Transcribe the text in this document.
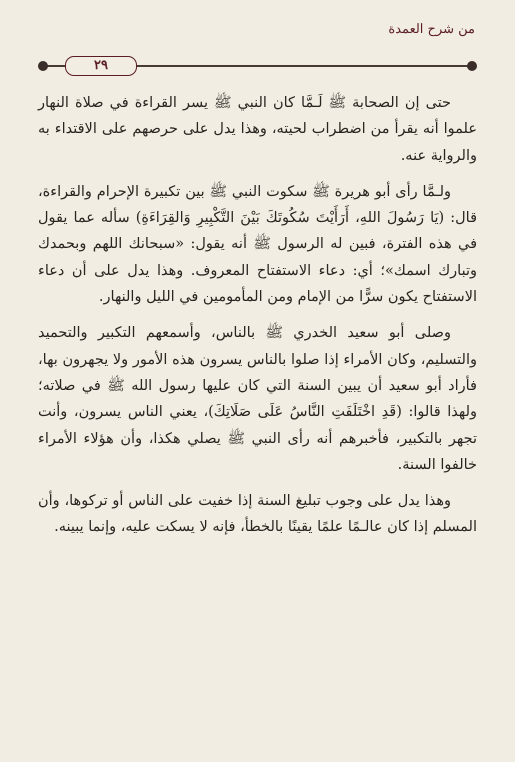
من شرح العمدة
٢٩

حتى إن الصحابة ﷺ لَـمَّا كان النبي ﷺ يسر القراءة في صلاة النهار علموا أنه يقرأ من اضطراب لحيته، وهذا يدل على حرصهم على الاقتداء به والرواية عنه.

ولـمَّا رأى أبو هريرة ﷺ سكوت النبي ﷺ بين تكبيرة الإحرام والقراءة، قال: (يَا رَسُولَ اللهِ، أَرَأَيْتَ سُكُوتَكَ بَيْنَ التَّكْبِيرِ وَالقِرَاءَةِ) سأله عما يقول في هذه الفترة، فبين له الرسول ﷺ أنه يقول: «سبحانك اللهم وبحمدك وتبارك اسمك»؛ أي: دعاء الاستفتاح المعروف. وهذا يدل على أن دعاء الاستفتاح يكون سرًّا من الإمام ومن المأمومين في الليل والنهار.

وصلى أبو سعيد الخدري ﷺ بالناس، وأسمعهم التكبير والتحميد والتسليم، وكان الأمراء إذا صلوا بالناس يسرون هذه الأمور ولا يجهرون بها، فأراد أبو سعيد أن يبين السنة التي كان عليها رسول الله ﷺ في صلاته؛ ولهذا قالوا: (قَدِ اخْتَلَفَتِ النَّاسُ عَلَى صَلَاتِكَ)، يعني الناس يسرون، وأنت تجهر بالتكبير، فأخبرهم أنه رأى النبي ﷺ يصلي هكذا، وأن هؤلاء الأمراء خالفوا السنة.

وهذا يدل على وجوب تبليغ السنة إذا خفيت على الناس أو تركوها، وأن المسلم إذا كان عالـمًا علمًا يقينًا بالخطأ، فإنه لا يسكت عليه، وإنما يبينه.
